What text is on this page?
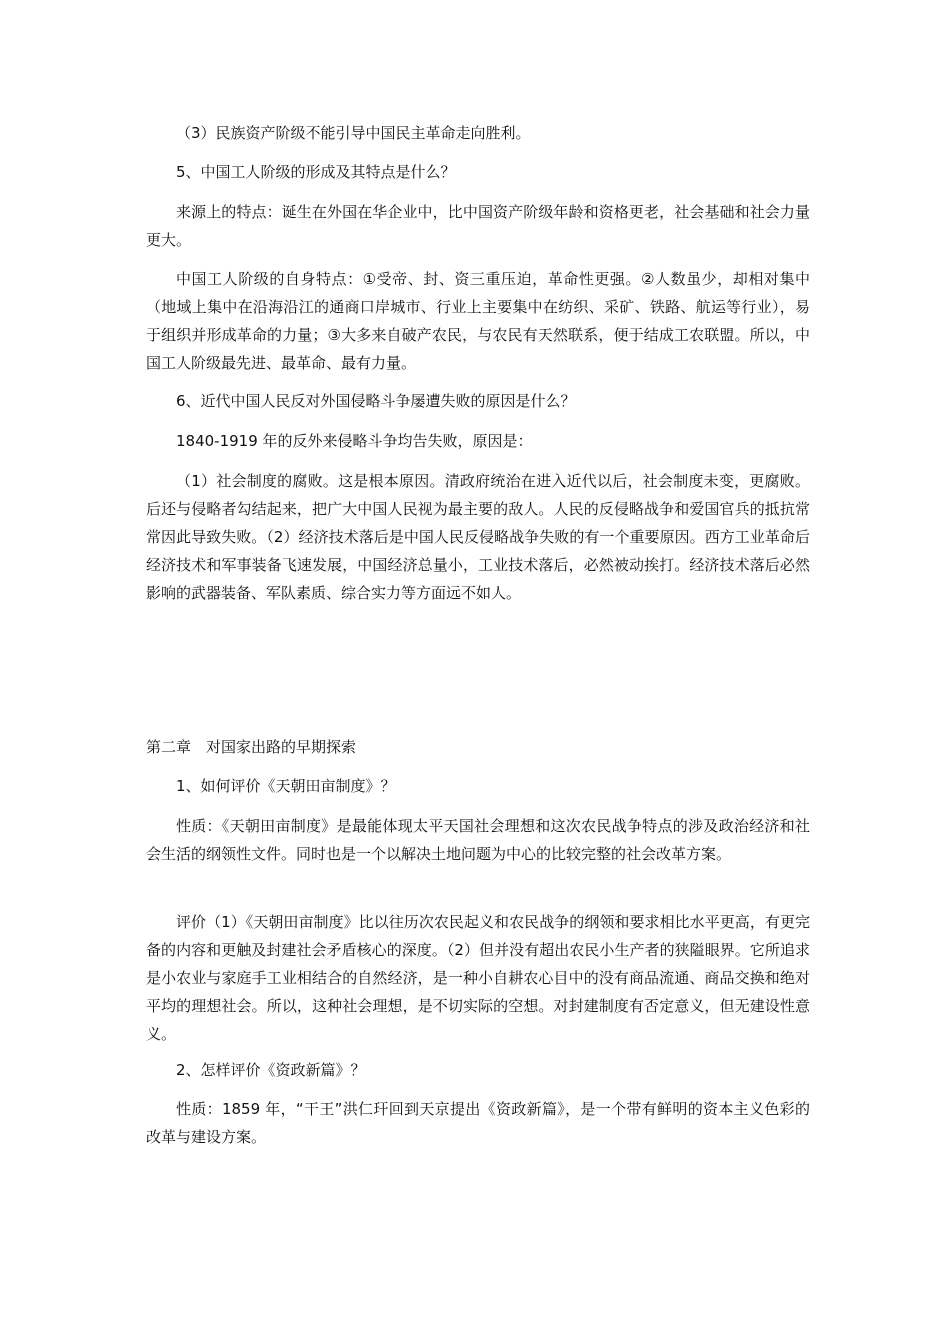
（3）民族资产阶级不能引导中国民主革命走向胜利。

5、中国工人阶级的形成及其特点是什么？

来源上的特点：诞生在外国在华企业中，比中国资产阶级年龄和资格更老，社会基础和社会力量更大。

中国工人阶级的自身特点：①受帝、封、资三重压迫，革命性更强。②人数虽少，却相对集中（地域上集中在沿海沿江的通商口岸城市、行业上主要集中在纺织、采矿、铁路、航运等行业），易于组织并形成革命的力量；③大多来自破产农民，与农民有天然联系，便于结成工农联盟。所以，中国工人阶级最先进、最革命、最有力量。

6、近代中国人民反对外国侵略斗争屡遭失败的原因是什么？

1840-1919 年的反外来侵略斗争均告失败，原因是：

（1）社会制度的腐败。这是根本原因。清政府统治在进入近代以后，社会制度未变，更腐败。后还与侵略者勾结起来，把广大中国人民视为最主要的敌人。人民的反侵略战争和爱国官兵的抵抗常常因此导致失败。（2）经济技术落后是中国人民反侵略战争失败的有一个重要原因。西方工业革命后经济技术和军事装备飞速发展，中国经济总量小，工业技术落后，必然被动挨打。经济技术落后必然影响的武器装备、军队素质、综合实力等方面远不如人。

第二章　对国家出路的早期探索

1、如何评价《天朝田亩制度》？

性质：《天朝田亩制度》是最能体现太平天国社会理想和这次农民战争特点的涉及政治经济和社会生活的纲领性文件。同时也是一个以解决土地问题为中心的比较完整的社会改革方案。

评价（1）《天朝田亩制度》比以往历次农民起义和农民战争的纲领和要求相比水平更高，有更完备的内容和更触及封建社会矛盾核心的深度。（2）但并没有超出农民小生产者的狭隘眼界。它所追求是小农业与家庭手工业相结合的自然经济，是一种小自耕农心目中的没有商品流通、商品交换和绝对平均的理想社会。所以，这种社会理想，是不切实际的空想。对封建制度有否定意义，但无建设性意义。

2、怎样评价《资政新篇》？

性质：1859 年，“干王”洪仁玕回到天京提出《资政新篇》，是一个带有鲜明的资本主义色彩的改革与建设方案。
